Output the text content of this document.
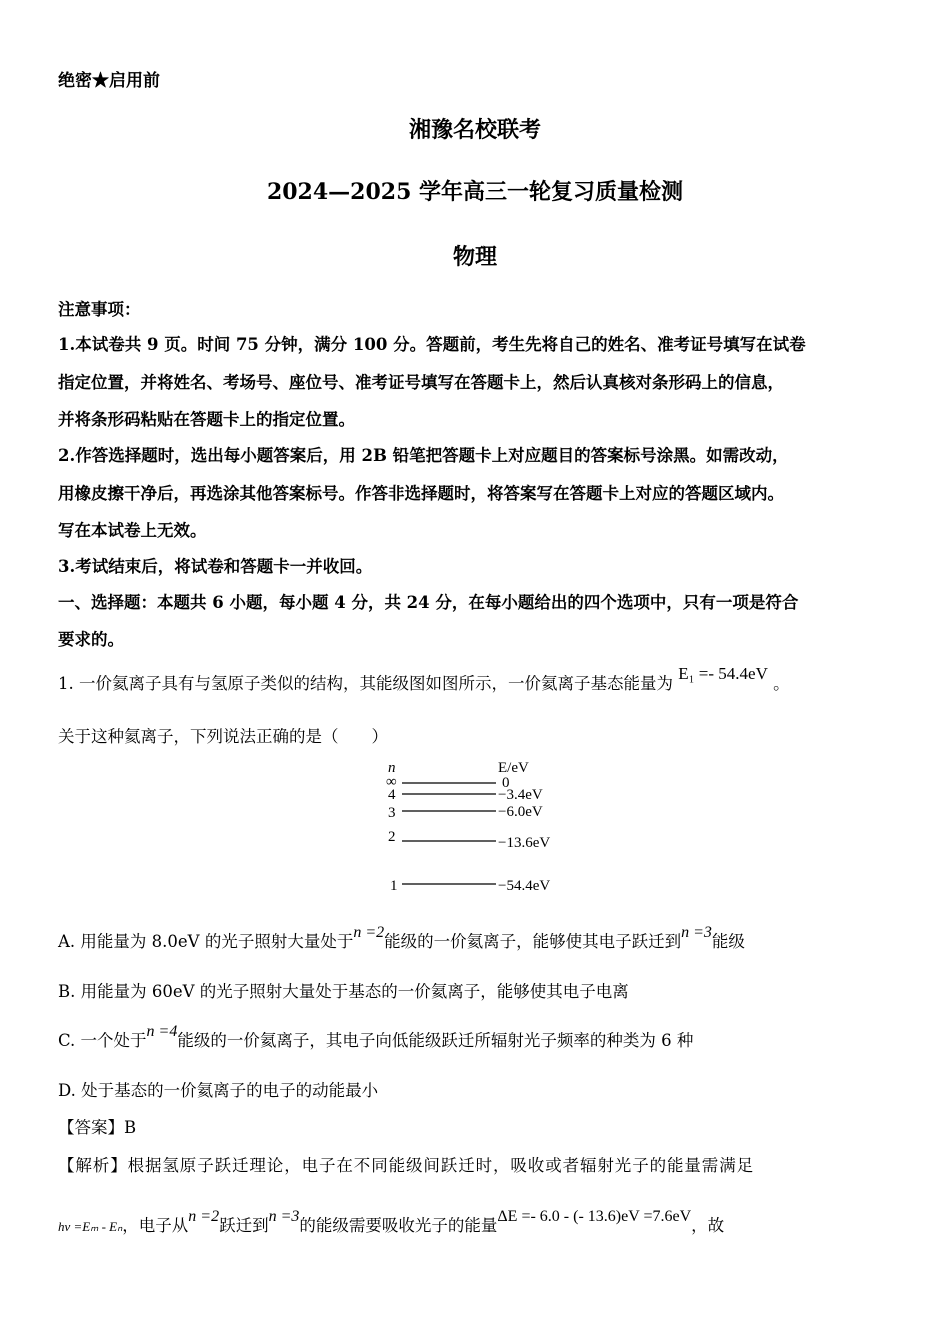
绝密★启用前
湘豫名校联考
2024—2025 学年高三一轮复习质量检测
物理
注意事项：
1.本试卷共 9 页。时间 75 分钟，满分 100 分。答题前，考生先将自己的姓名、准考证号填写在试卷
指定位置，并将姓名、考场号、座位号、准考证号填写在答题卡上，然后认真核对条形码上的信息，
并将条形码粘贴在答题卡上的指定位置。
2.作答选择题时，选出每小题答案后，用 2B 铅笔把答题卡上对应题目的答案标号涂黑。如需改动，
用橡皮擦干净后，再选涂其他答案标号。作答非选择题时，将答案写在答题卡上对应的答题区域内。
写在本试卷上无效。
3.考试结束后，将试卷和答题卡一并收回。
一、选择题：本题共 6 小题，每小题 4 分，共 24 分，在每小题给出的四个选项中，只有一项是符合
要求的。
1. 一价氦离子具有与氢原子类似的结构，其能级图如图所示，一价氦离子基态能量为 E₁ =- 54.4eV 。
关于这种氦离子，下列说法正确的是（　　）
n	E/eV
∞	0
4	−3.4eV
3	−6.0eV
2	−13.6eV
1	−54.4eV
A. 用能量为 8.0eV 的光子照射大量处于n =2能级的一价氦离子，能够使其电子跃迁到n =3能级
B. 用能量为 60eV 的光子照射大量处于基态的一价氦离子，能够使其电子电离
C. 一个处于n =4能级的一价氦离子，其电子向低能级跃迁所辐射光子频率的种类为 6 种
D. 处于基态的一价氦离子的电子的动能最小
【答案】B
【解析】根据氢原子跃迁理论，电子在不同能级间跃迁时，吸收或者辐射光子的能量需满足
hν =Eₘ - Eₙ，电子从n =2跃迁到n =3的能级需要吸收光子的能量ΔE =- 6.0 - (- 13.6)eV =7.6eV，故
